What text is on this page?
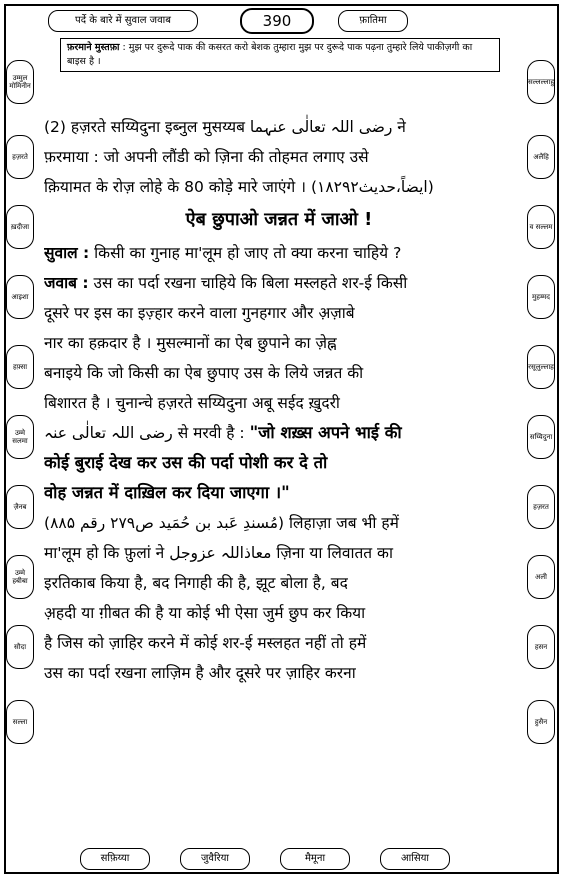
पर्दे के बारे में सुवाल जवाब	390	फ़ातिमा
फ़रमाने मुस्तफ़ा : मुझ पर दुरूदे पाक की कसरत करो बेशक तुम्हारा मुझ पर दुरूदे पाक पढ़ना तुम्हारे लिये पाकीज़गी का बाइस है ।
उम्मुल मोमिनीन
हज़रते
ख़दीजा
आइशा
हफ़्सा
उम्मे सलमा
ज़ैनब
उम्मे हबीबा
सौदा
सल्ला
सल्लल्लाहु
अलैहि
व सल्लम
मुहम्मद
रसूलुल्लाह
सय्यिदुना
हज़रत
अली
हसन
हुसैन
(2) हज़रते सय्यिदुना इब्नुल मुसय्यब رضی اللہ تعالٰی عنہما ने
फ़रमाया : जो अपनी लौंडी को ज़िना की तोहमत लगाए उसे
क़ियामत के रोज़ लोहे के 80 कोड़े मारे जाएंगे । (ایضاً،حدیث۱۸۲۹۲)
ऐब छुपाओ जन्नत में जाओ !
सुवाल : किसी का गुनाह मा'लूम हो जाए तो क्या करना चाहिये ?
जवाब : उस का पर्दा रखना चाहिये कि बिला मस्लहते शर-ई किसी
दूसरे पर इस का इज़्हार करने वाला गुनहगार और अ़ज़ाबे
नार का हक़दार है । मुसल्मानों का ऐब छुपाने का ज़ेह्न
बनाइये कि जो किसी का ऐब छुपाए उस के लिये जन्नत की
बिशारत है । चुनान्चे हज़रते सय्यिदुना अबू सईद ख़ुदरी
رضی اللہ تعالٰی عنہ से मरवी है : "जो शख़्स अपने भाई की
कोई बुराई देख कर उस की पर्दा पोशी कर दे तो
वोह जन्नत में दाख़िल कर दिया जाएगा ।"
(مُسندِ عَبد بن حُمَید ص۲۷۹ رقم ۸۸۵) लिहाज़ा जब भी हमें
मा'लूम हो कि फ़ुलां ने معاذاللہ عزوجل ज़िना या लिवातत का
इरतिकाब किया है, बद निगाही की है, झूट बोला है, बद
अ़हदी या ग़ीबत की है या कोई भी ऐसा जुर्म छुप कर किया
है जिस को ज़ाहिर करने में कोई शर-ई मस्लहत नहीं तो हमें
उस का पर्दा रखना लाज़िम है और दूसरे पर ज़ाहिर करना
सफ़िय्या	जुवैरिया	मैमूना	आसिया
